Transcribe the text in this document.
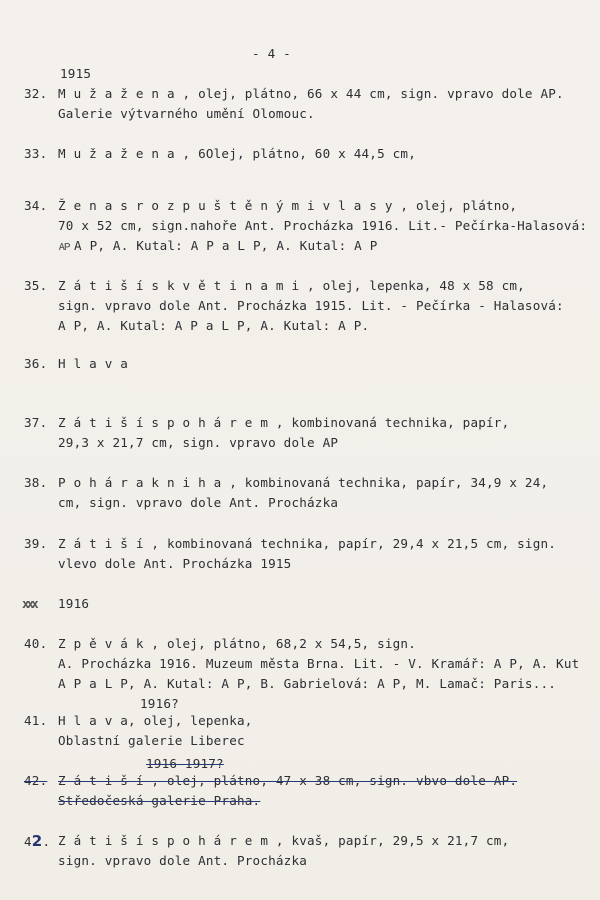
- 4 -
1915
32. M u ž a ž e n a , olej, plátno, 66 x 44 cm, sign. vpravo dole AP.
Galerie výtvarného umění Olomouc.
33. M u ž a ž e n a , 6Oleј, plátno, 60 x 44,5 cm,
34. Ž e n a s r o z p u š t ě n ý m i v l a s y , olej, plátno,
70 x 52 cm, sign.nahoře Ant. Procházka 1916. Lit.- Pečírka-Halasová:
ᴀᴘ A P, A. Kutal: A P a L P, A. Kutal: A P
35. Z á t i š í s k v ě t i n a m i , olej, lepenka, 48 x 58 cm,
sign. vpravo dole Ant. Procházka 1915. Lit. - Pečírka - Halasová:
A P, A. Kutal: A P a L P, A. Kutal: A P.
36. H l a v a
37. Z á t i š í s p o h á r e m , kombinovaná technika, papír,
29,3 x 21,7 cm, sign. vpravo dole AP
38. P o h á r a k n i h a , kombinovaná technika, papír, 34,9 x 24,
cm, sign. vpravo dole Ant. Procházka
39. Z á t i š í , kombinovaná technika, papír, 29,4 x 21,5 cm, sign.
vlevo dole Ant. Procházka 1915
xxx 1916
40. Z p ě v á k , olej, plátno, 68,2 x 54,5, sign.
A. Procházka 1916. Muzeum města Brna. Lit. - V. Kramář: A P, A. Kut
A P a L P, A. Kutal: A P, B. Gabrielová: A P, M. Lamač: Paris...
1916?
41. H l a v a, olej, lepenka,
Oblastní galerie Liberec
1916-1917?
42. Z á t i š í , olej, plátno, 47 x 38 cm, sign. vbvo dole AP.
Středočeská galerie Praha.
42. Z á t i š í s p o h á r e m , kvaš, papír, 29,5 x 21,7 cm,
sign. vpravo dole Ant. Procházka
